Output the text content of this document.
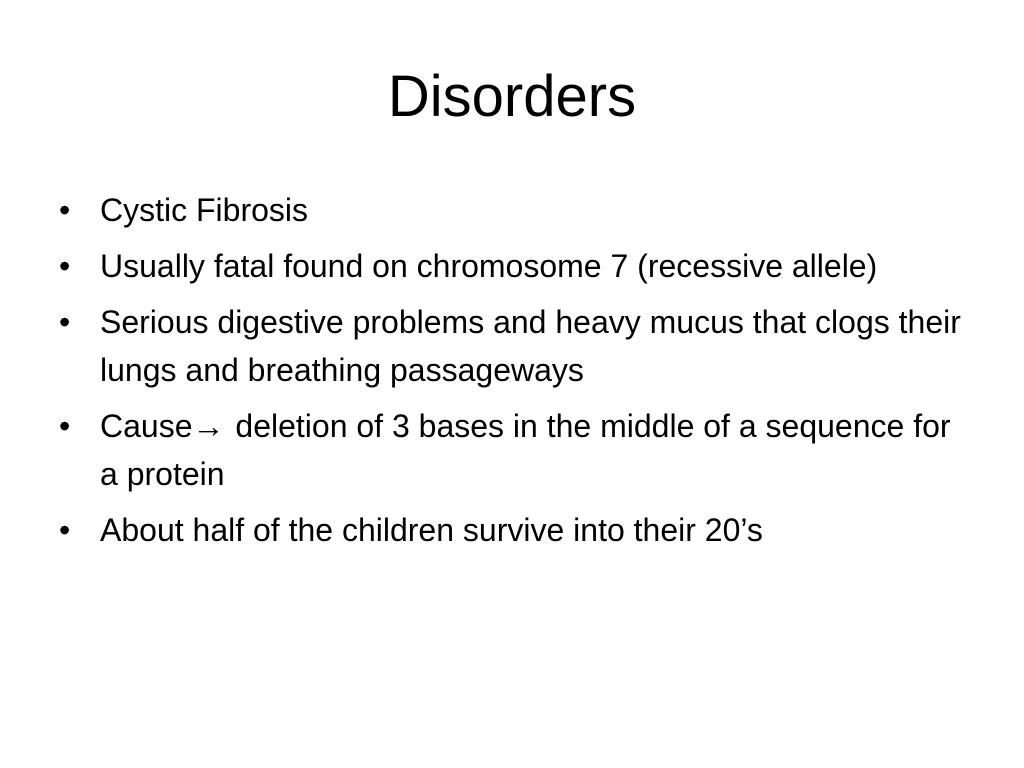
Disorders
• Cystic Fibrosis
• Usually fatal found on chromosome 7 (recessive allele)
• Serious digestive problems and heavy mucus that clogs their lungs and breathing passageways
• Cause→ deletion of 3 bases in the middle of a sequence for a protein
• About half of the children survive into their 20’s
